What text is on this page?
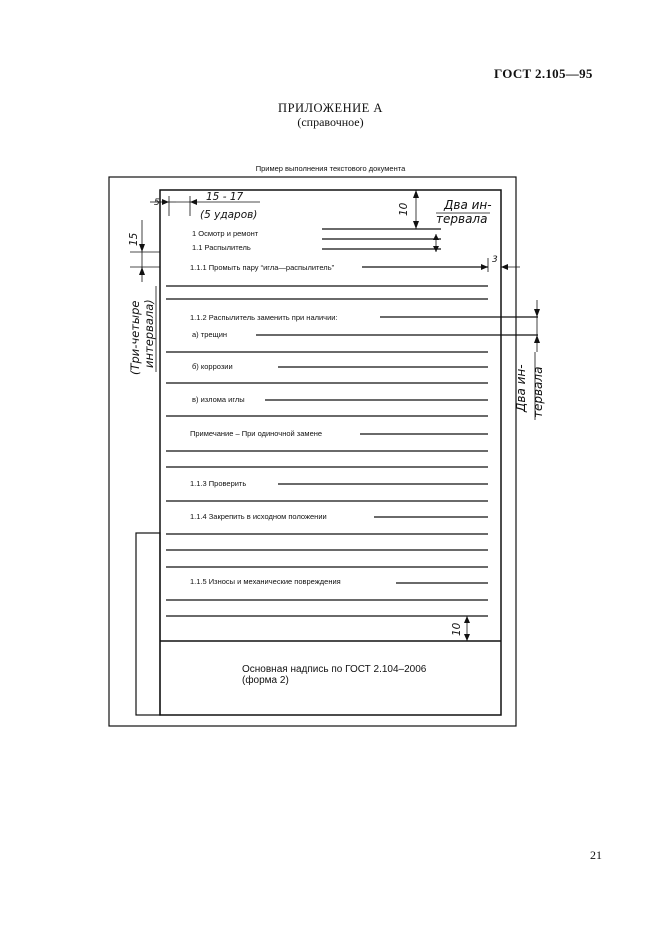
ГОСТ 2.105—95
ПРИЛОЖЕНИЕ А
(справочное)
Пример выполнения текстового документа
1 Осмотр и ремонт
1.1 Распылитель
1.1.1 Промыть пару “игла—распылитель”
1.1.2 Распылитель заменить при наличии:
а) трещин
б) коррозии
в) излома иглы
Примечание – При одиночной замене
1.1.3 Проверить
1.1.4 Закрепить в исходном положении
1.1.5 Износы и механические повреждения
5	15 - 17
(5 ударов)	10	Два ин-
тервала
3
15
(Три-четыре интервала)
Два ин- тервала
10
Основная надпись по ГОСТ 2.104–2006
(форма 2)
21
